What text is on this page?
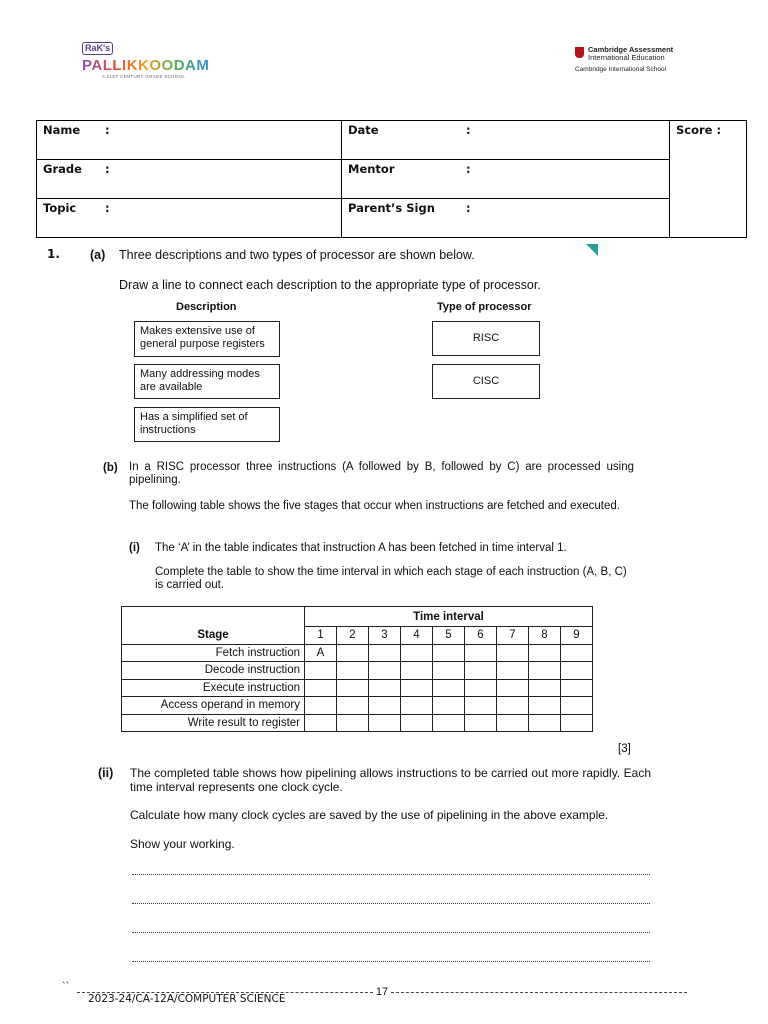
RaK's
PALLIKKOODAM
A 21ST CENTURY GRADE SCHOOL
Cambridge Assessment
International Education
Cambridge International School
Name :	Date :	Score :
Grade :	Mentor :	
Topic :	Parent’s Sign :	
1. (a) Three descriptions and two types of processor are shown below.
Draw a line to connect each description to the appropriate type of processor.
Description	Type of processor
Makes extensive use of general purpose registers
Many addressing modes are available
Has a simplified set of instructions
RISC
CISC
(b) In a RISC processor three instructions (A followed by B, followed by C) are processed using pipelining.
The following table shows the five stages that occur when instructions are fetched and executed.
(i) The ‘A’ in the table indicates that instruction A has been fetched in time interval 1.
Complete the table to show the time interval in which each stage of each instruction (A, B, C) is carried out.
	Time interval								
Stage	1	2	3	4	5	6	7	8	9
Fetch instruction	A								
Decode instruction									
Execute instruction									
Access operand in memory									
Write result to register									
[3]
(ii) The completed table shows how pipelining allows instructions to be carried out more rapidly. Each time interval represents one clock cycle.
Calculate how many clock cycles are saved by the use of pipelining in the above example.
Show your working.
``	17
2023-24/CA-12A/COMPUTER SCIENCE
